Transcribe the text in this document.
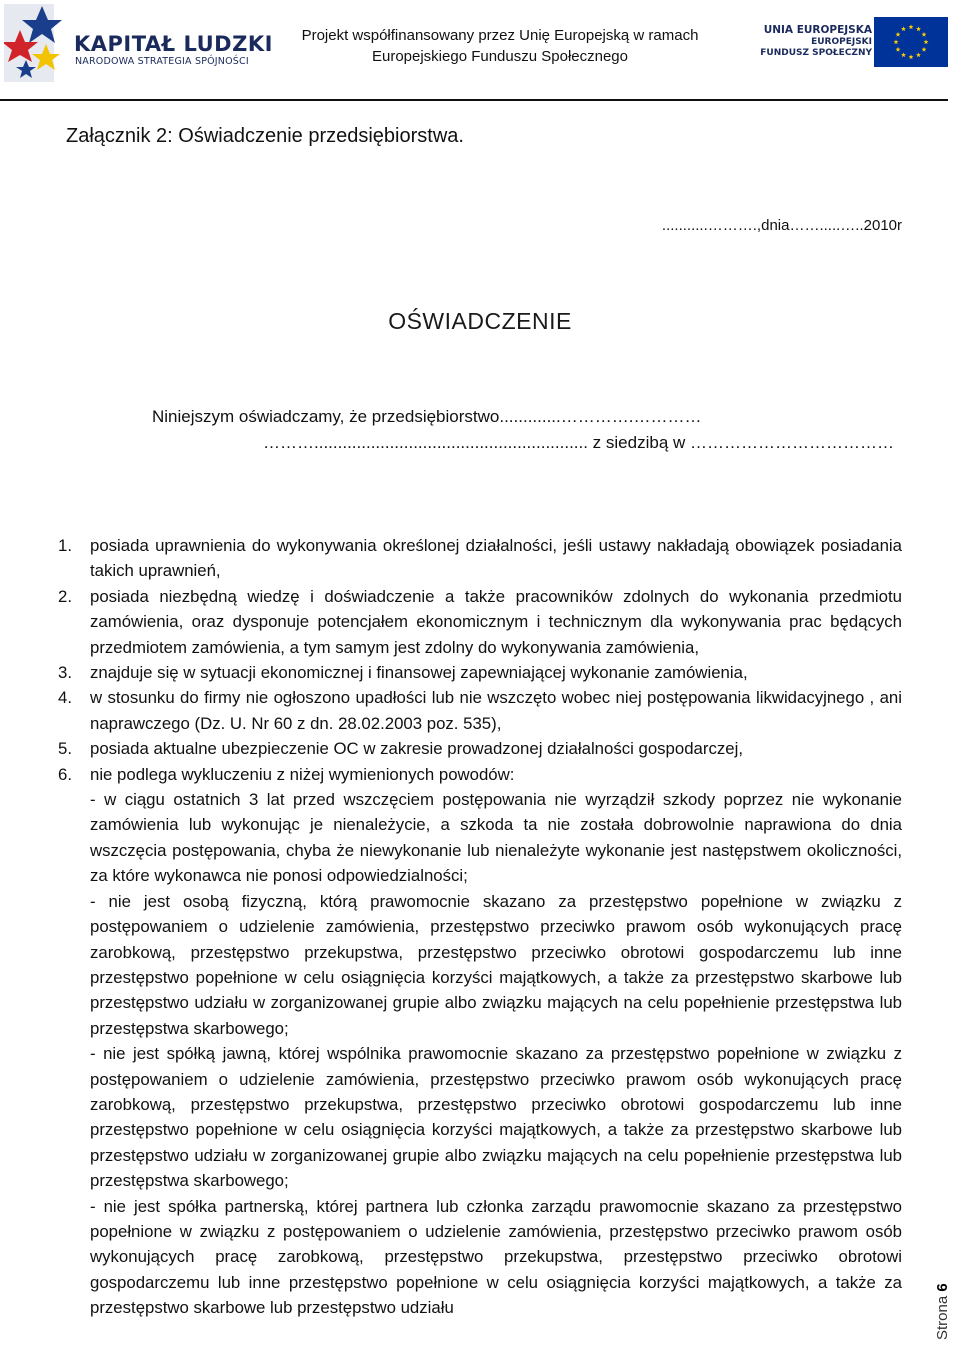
KAPITAŁ LUDZKI
NARODOWA STRATEGIA SPÓJNOŚCI
Projekt współfinansowany przez Unię Europejską w ramach
Europejskiego Funduszu Społecznego
UNIA EUROPEJSKA
EUROPEJSKI
FUNDUSZ SPOŁECZNY
Załącznik 2: Oświadczenie przedsiębiorstwa.
...........……….,dnia…….....…..2010r
OŚWIADCZENIE
Niniejszym oświadczamy, że przedsiębiorstwo.............………….…………
……….......................................................... z siedzibą w ………………………………
1. posiada uprawnienia do wykonywania określonej działalności, jeśli ustawy nakładają obowiązek posiadania takich uprawnień,
2. posiada niezbędną wiedzę i doświadczenie a także pracowników zdolnych do wykonania przedmiotu zamówienia, oraz dysponuje potencjałem ekonomicznym i technicznym dla wykonywania prac będących przedmiotem zamówienia, a tym samym jest zdolny do wykonywania zamówienia,
3. znajduje się w sytuacji ekonomicznej i finansowej zapewniającej wykonanie zamówienia,
4. w stosunku do firmy nie ogłoszono upadłości lub nie wszczęto wobec niej postępowania likwidacyjnego , ani naprawczego (Dz. U. Nr 60 z dn. 28.02.2003 poz. 535),
5. posiada aktualne ubezpieczenie OC w zakresie prowadzonej działalności gospodarczej,
6. nie podlega wykluczeniu z niżej wymienionych powodów:
- w ciągu ostatnich 3 lat przed wszczęciem postępowania nie wyrządził szkody poprzez nie wykonanie zamówienia lub wykonując je nienależycie, a szkoda ta nie została dobrowolnie naprawiona do dnia wszczęcia postępowania, chyba że niewykonanie lub nienależyte wykonanie jest następstwem okoliczności, za które wykonawca nie ponosi odpowiedzialności;
- nie jest osobą fizyczną, którą prawomocnie skazano za przestępstwo popełnione w związku z postępowaniem o udzielenie zamówienia, przestępstwo przeciwko prawom osób wykonujących pracę zarobkową, przestępstwo przekupstwa, przestępstwo przeciwko obrotowi gospodarczemu lub inne przestępstwo popełnione w celu osiągnięcia korzyści majątkowych, a także za przestępstwo skarbowe lub przestępstwo udziału w zorganizowanej grupie albo związku mających na celu popełnienie przestępstwa lub przestępstwa skarbowego;
- nie jest spółką jawną, której wspólnika prawomocnie skazano za przestępstwo popełnione w związku z postępowaniem o udzielenie zamówienia, przestępstwo przeciwko prawom osób wykonujących pracę zarobkową, przestępstwo przekupstwa, przestępstwo przeciwko obrotowi gospodarczemu lub inne przestępstwo popełnione w celu osiągnięcia korzyści majątkowych, a także za przestępstwo skarbowe lub przestępstwo udziału w zorganizowanej grupie albo związku mających na celu popełnienie przestępstwa lub przestępstwa skarbowego;
- nie jest spółka partnerską, której partnera lub członka zarządu prawomocnie skazano za przestępstwo popełnione w związku z postępowaniem o udzielenie zamówienia, przestępstwo przeciwko prawom osób wykonujących pracę zarobkową, przestępstwo przekupstwa, przestępstwo przeciwko obrotowi gospodarczemu lub inne przestępstwo popełnione w celu osiągnięcia korzyści majątkowych, a także za przestępstwo skarbowe lub przestępstwo udziału	Strona 6
